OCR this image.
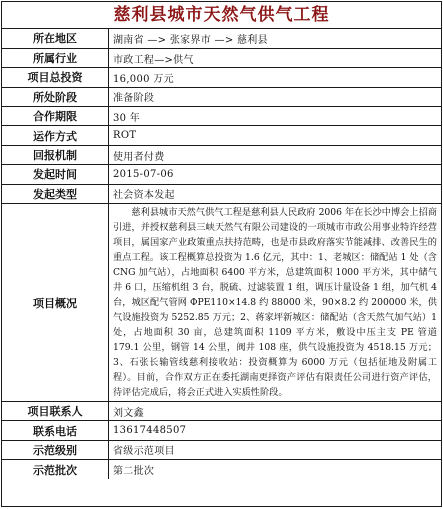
慈利县城市天然气供气工程
所在地区	湖南省 —> 张家界市 —> 慈利县
所属行业	市政工程—>供气
项目总投资	16,000 万元
所处阶段	准备阶段
合作期限	30 年
运作方式	ROT
回报机制	使用者付费
发起时间	2015-07-06
发起类型	社会资本发起
项目概况	慈利县城市天然气供气工程是慈利县人民政府 2006 年在长沙中博会上招商引进，并授权慈利县三峡天然气有限公司建设的一项城市市政公用事业特许经营项目，属国家产业政策重点扶持范畴，也是市县政府落实节能减排、改善民生的重点工程。该工程概算总投资为 1.6 亿元，其中：1、老城区：储配站 1 处（含 CNG 加气站），占地面积 6400 平方米，总建筑面积 1000 平方米，其中储气井 6 口，压缩机组 3 台，脱硫、过滤装置 1 组，调压计量设备 1 组，加气机 4 台，城区配气管网 ΦPE110×14.8 约 88000 米，90×8.2 约 200000 米，供气设施投资为 5252.85 万元；2、蒋家坪新城区：储配站（含天然气加气站）1 处，占地面积 30 亩，总建筑面积 1109 平方米，敷设中压主支 PE 管道 179.1 公里，钢管 14 公里，阀井 108 座，供气设施投资为 4518.15 万元；3、石张长输管线慈利接收站：投资概算为 6000 万元（包括征地及附属工程）。目前，合作双方正在委托湖南更择资产评估有限责任公司进行资产评估，待评估完成后，将会正式进入实质性阶段。
项目联系人	刘文鑫
联系电话	13617448507
示范级别	省级示范项目
示范批次	第二批次
